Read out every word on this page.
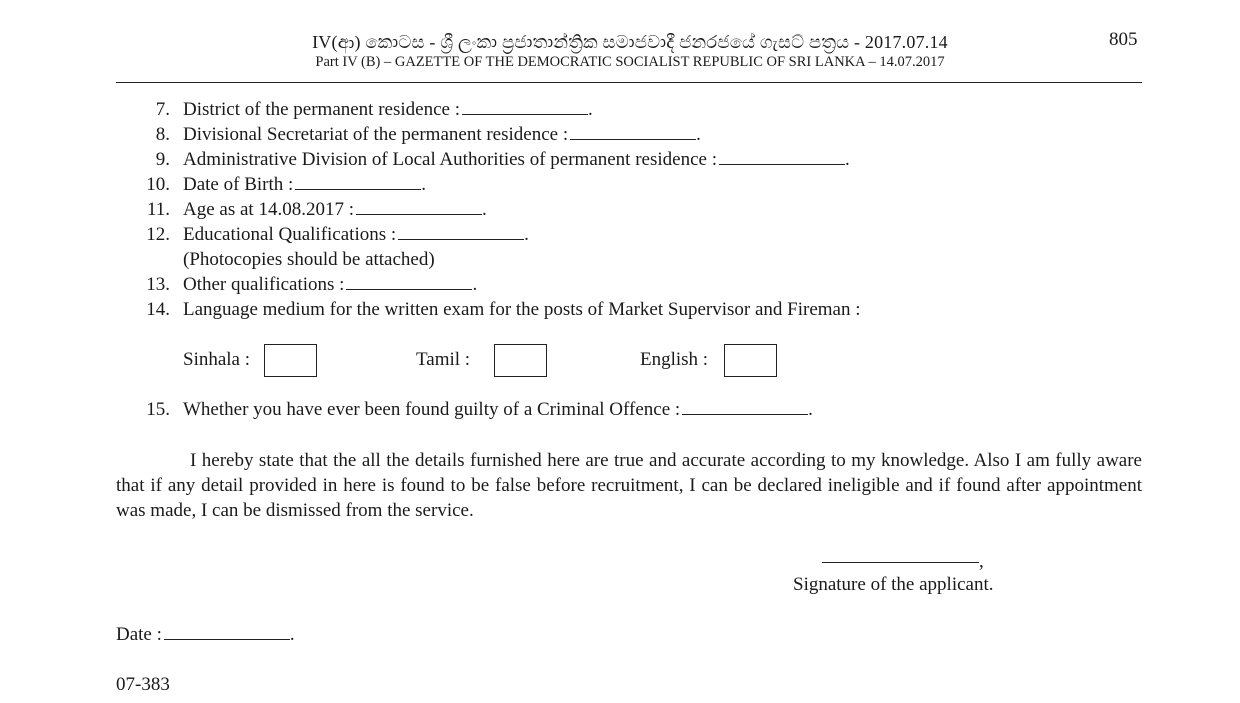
IV(ආ) කොටස - ශ්‍රී ලංකා ප්‍රජාතාන්ත්‍රික සමාජවාදී ජනරජයේ ගැසට් පත්‍රය - 2017.07.14
Part IV (B) – GAZETTE OF THE DEMOCRATIC SOCIALIST REPUBLIC OF SRI LANKA – 14.07.2017
805
7. District of the permanent residence :	.
8. Divisional Secretariat of the permanent residence :	.
9. Administrative Division of Local Authorities of permanent residence :	.
10. Date of Birth :	.
11. Age as at 14.08.2017 :	.
12. Educational Qualifications :	.
(Photocopies should be attached)
13. Other qualifications :	.
14. Language medium for the written exam for the posts of Market Supervisor and Fireman :
Sinhala :	Tamil :	English :
15. Whether you have ever been found guilty of a Criminal Offence :	.
I hereby state that the all the details furnished here are true and accurate according to my knowledge. Also I am fully aware that if any detail provided in here is found to be false before recruitment, I can be declared ineligible and if found after appointment was made, I can be dismissed from the service.
,
Signature of the applicant.
Date :	.
07-383
